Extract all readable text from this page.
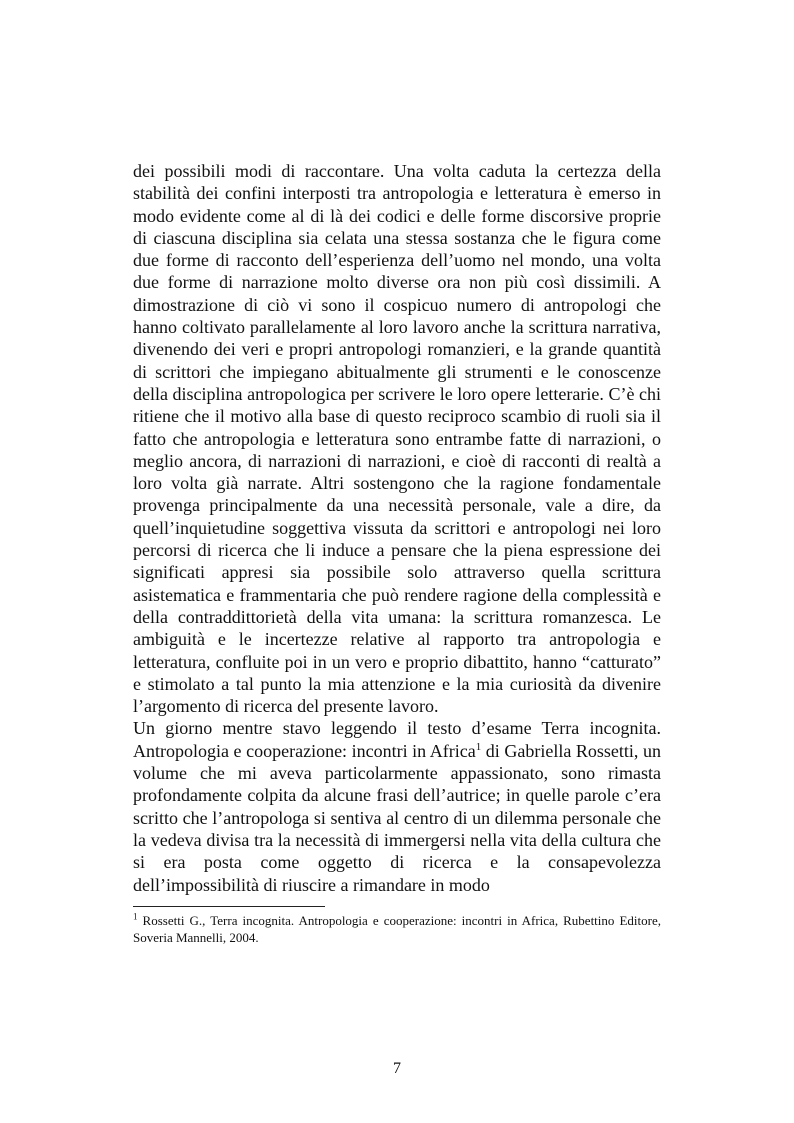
dei possibili modi di raccontare. Una volta caduta la certezza della stabilità dei confini interposti tra antropologia e letteratura è emerso in modo evidente come al di là dei codici e delle forme discorsive proprie di ciascuna disciplina sia celata una stessa sostanza che le figura come due forme di racconto dell’esperienza dell’uomo nel mondo, una volta due forme di narrazione molto diverse ora non più così dissimili. A dimostrazione di ciò vi sono il cospicuo numero di antropologi che hanno coltivato parallelamente al loro lavoro anche la scrittura narrativa, divenendo dei veri e propri antropologi romanzieri, e la grande quantità di scrittori che impiegano abitualmente gli strumenti e le conoscenze della disciplina antropologica per scrivere le loro opere letterarie. C’è chi ritiene che il motivo alla base di questo reciproco scambio di ruoli sia il fatto che antropologia e letteratura sono entrambe fatte di narrazioni, o meglio ancora, di narrazioni di narrazioni, e cioè di racconti di realtà a loro volta già narrate. Altri sostengono che la ragione fondamentale provenga principalmente da una necessità personale, vale a dire, da quell’inquietudine soggettiva vissuta da scrittori e antropologi nei loro percorsi di ricerca che li induce a pensare che la piena espressione dei significati appresi sia possibile solo attraverso quella scrittura asistematica e frammentaria che può rendere ragione della complessità e della contraddittorietà della vita umana: la scrittura romanzesca. Le ambiguità e le incertezze relative al rapporto tra antropologia e letteratura, confluite poi in un vero e proprio dibattito, hanno “catturato” e stimolato a tal punto la mia attenzione e la mia curiosità da divenire l’argomento di ricerca del presente lavoro.

Un giorno mentre stavo leggendo il testo d’esame Terra incognita. Antropologia e cooperazione: incontri in Africa$^1$ di Gabriella Rossetti, un volume che mi aveva particolarmente appassionato, sono rimasta profondamente colpita da alcune frasi dell’autrice; in quelle parole c’era scritto che l’antropologa si sentiva al centro di un dilemma personale che la vedeva divisa tra la necessità di immergersi nella vita della cultura che si era posta come oggetto di ricerca e la consapevolezza dell’impossibilità di riuscire a rimandare in modo

$^1$ Rossetti G., Terra incognita. Antropologia e cooperazione: incontri in Africa, Rubettino Editore, Soveria Mannelli, 2004.

7
